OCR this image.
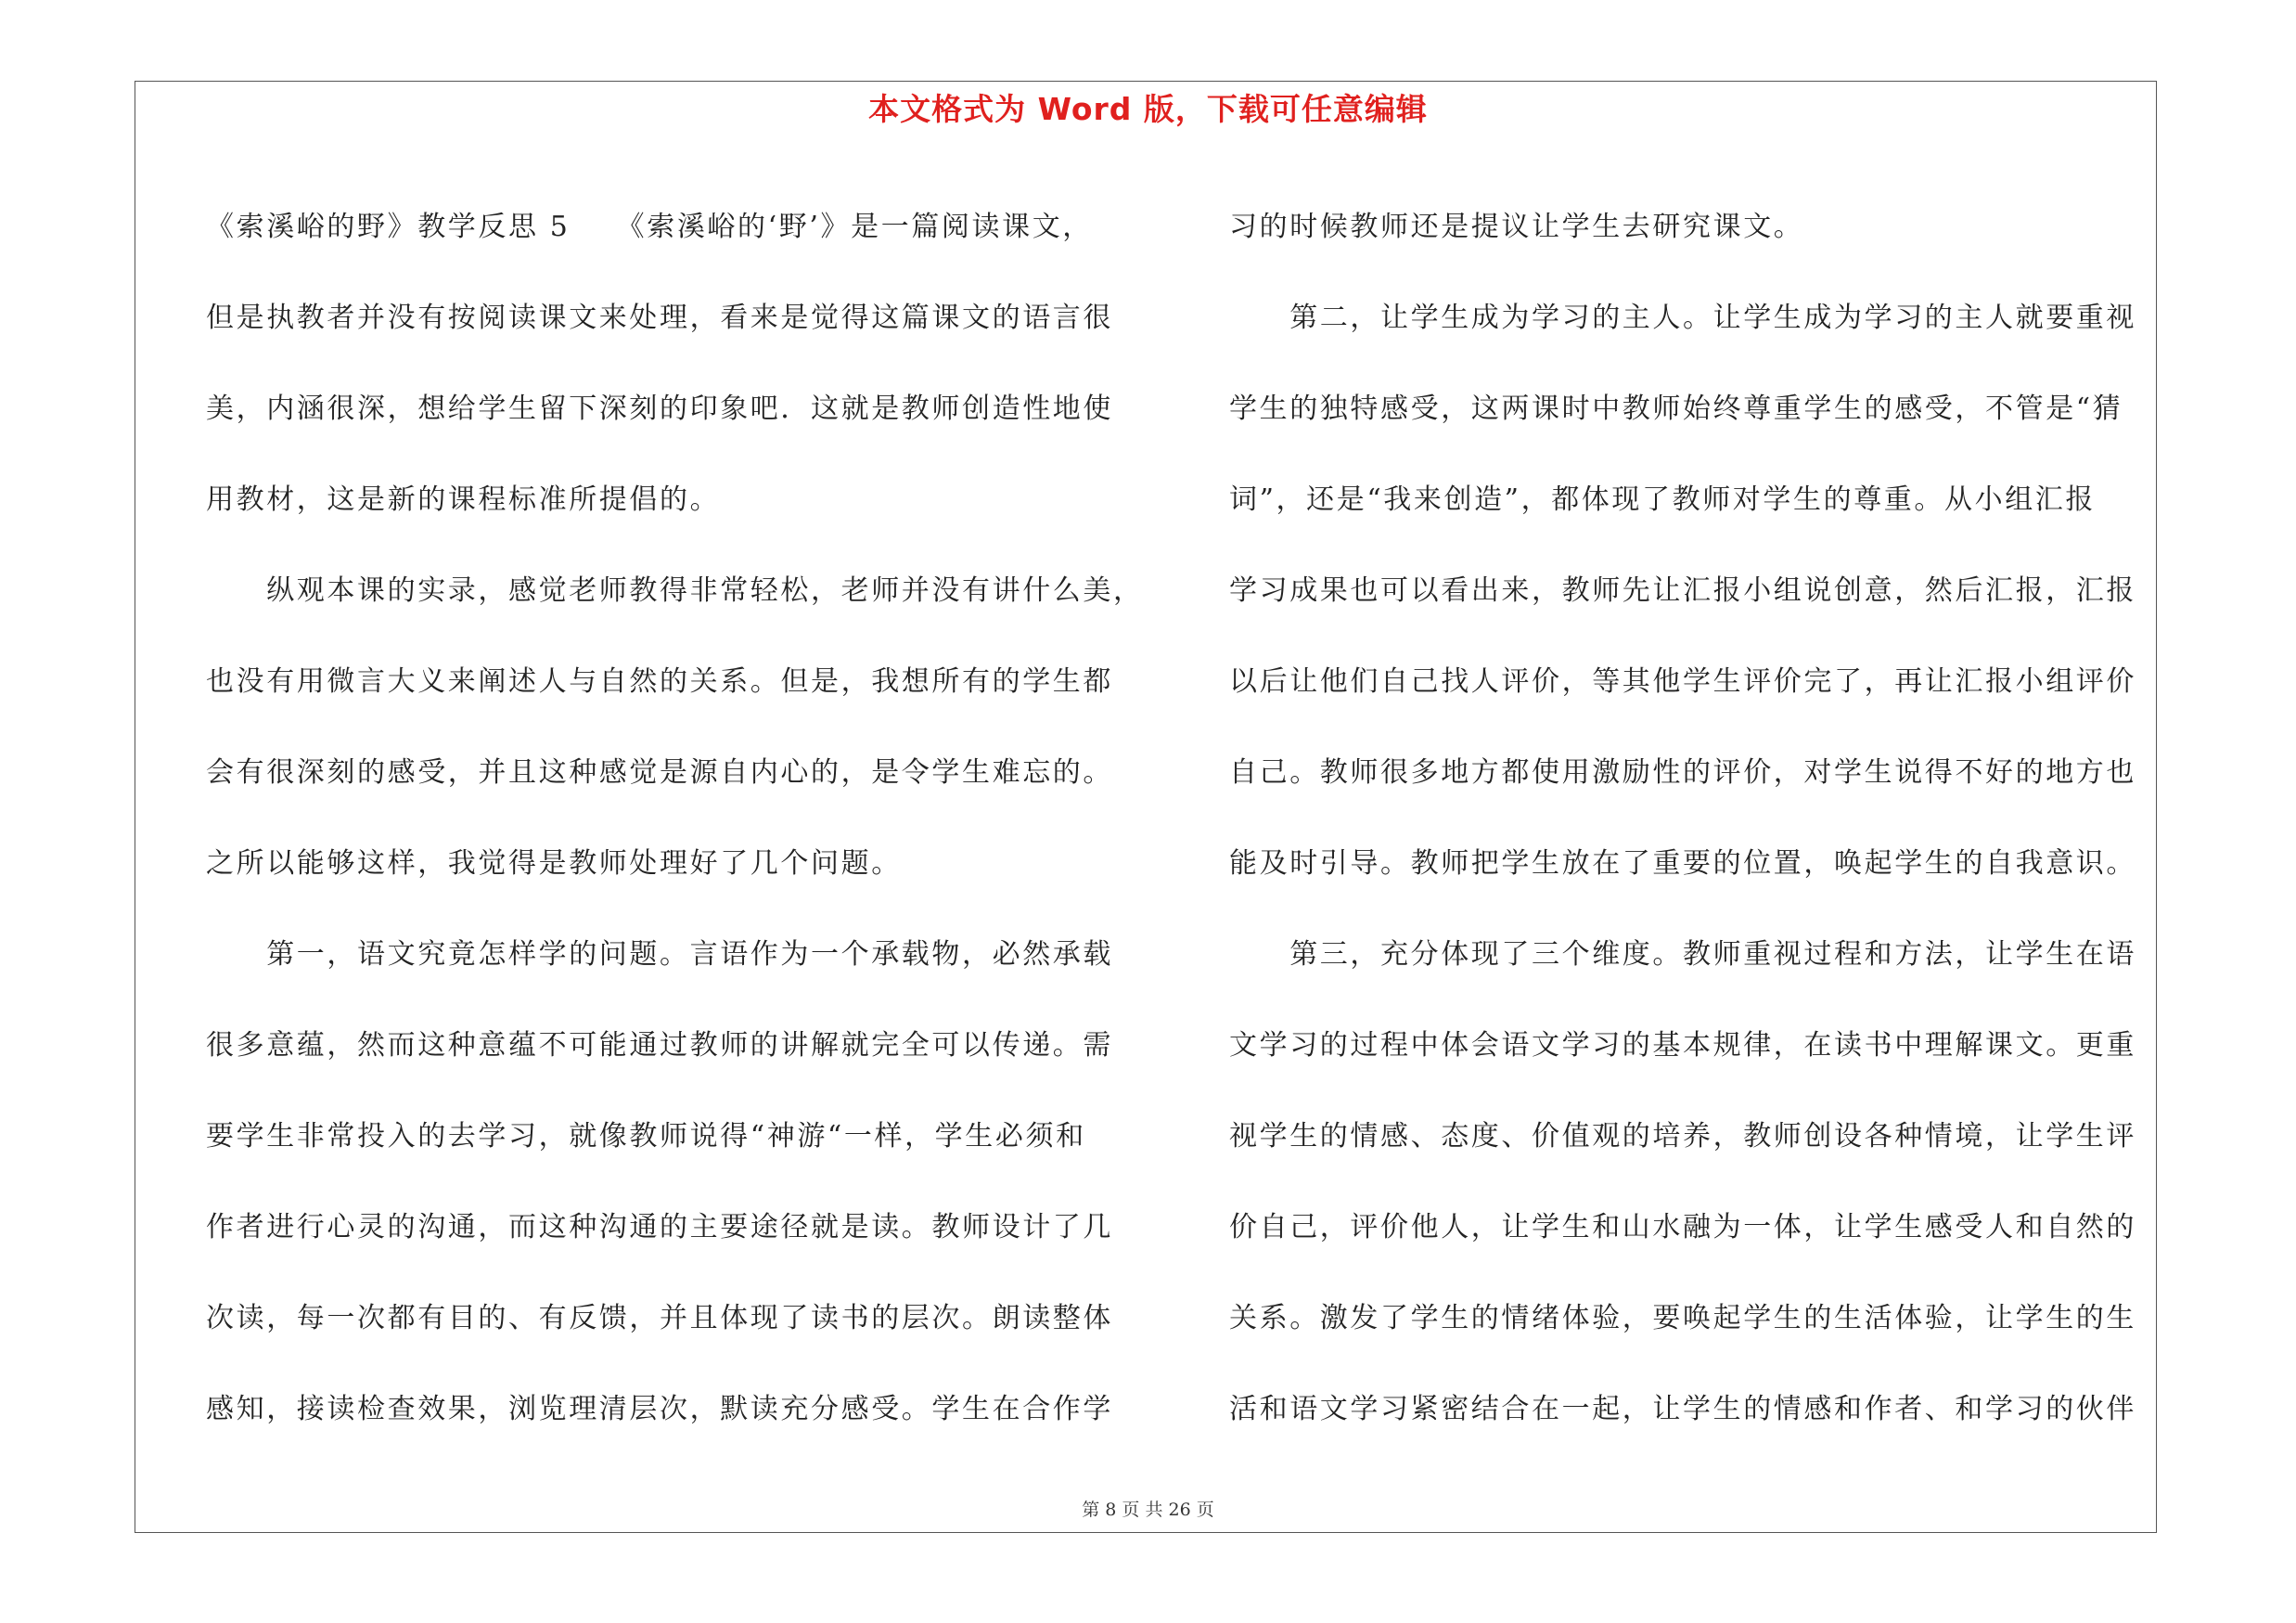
本文格式为 Word 版，下载可任意编辑

《索溪峪的野》教学反思 5　　《索溪峪的‘野’》是一篇阅读课文，

但是执教者并没有按阅读课文来处理，看来是觉得这篇课文的语言很

美，内涵很深，想给学生留下深刻的印象吧．这就是教师创造性地使

用教材，这是新的课程标准所提倡的。

　　纵观本课的实录，感觉老师教得非常轻松，老师并没有讲什么美，

也没有用微言大义来阐述人与自然的关系。但是，我想所有的学生都

会有很深刻的感受，并且这种感觉是源自内心的，是令学生难忘的。

之所以能够这样，我觉得是教师处理好了几个问题。

　　第一，语文究竟怎样学的问题。言语作为一个承载物，必然承载

很多意蕴，然而这种意蕴不可能通过教师的讲解就完全可以传递。需

要学生非常投入的去学习，就像教师说得“神游“一样，学生必须和

作者进行心灵的沟通，而这种沟通的主要途径就是读。教师设计了几

次读，每一次都有目的、有反馈，并且体现了读书的层次。朗读整体

感知，接读检查效果，浏览理清层次，默读充分感受。学生在合作学

习的时候教师还是提议让学生去研究课文。

　　第二，让学生成为学习的主人。让学生成为学习的主人就要重视

学生的独特感受，这两课时中教师始终尊重学生的感受，不管是“猜

词”，还是“我来创造”，都体现了教师对学生的尊重。从小组汇报

学习成果也可以看出来，教师先让汇报小组说创意，然后汇报，汇报

以后让他们自己找人评价，等其他学生评价完了，再让汇报小组评价

自己。教师很多地方都使用激励性的评价，对学生说得不好的地方也

能及时引导。教师把学生放在了重要的位置，唤起学生的自我意识。

　　第三，充分体现了三个维度。教师重视过程和方法，让学生在语

文学习的过程中体会语文学习的基本规律，在读书中理解课文。更重

视学生的情感、态度、价值观的培养，教师创设各种情境，让学生评

价自己，评价他人，让学生和山水融为一体，让学生感受人和自然的

关系。激发了学生的情绪体验，要唤起学生的生活体验，让学生的生

活和语文学习紧密结合在一起，让学生的情感和作者、和学习的伙伴

第 8 页 共 26 页
